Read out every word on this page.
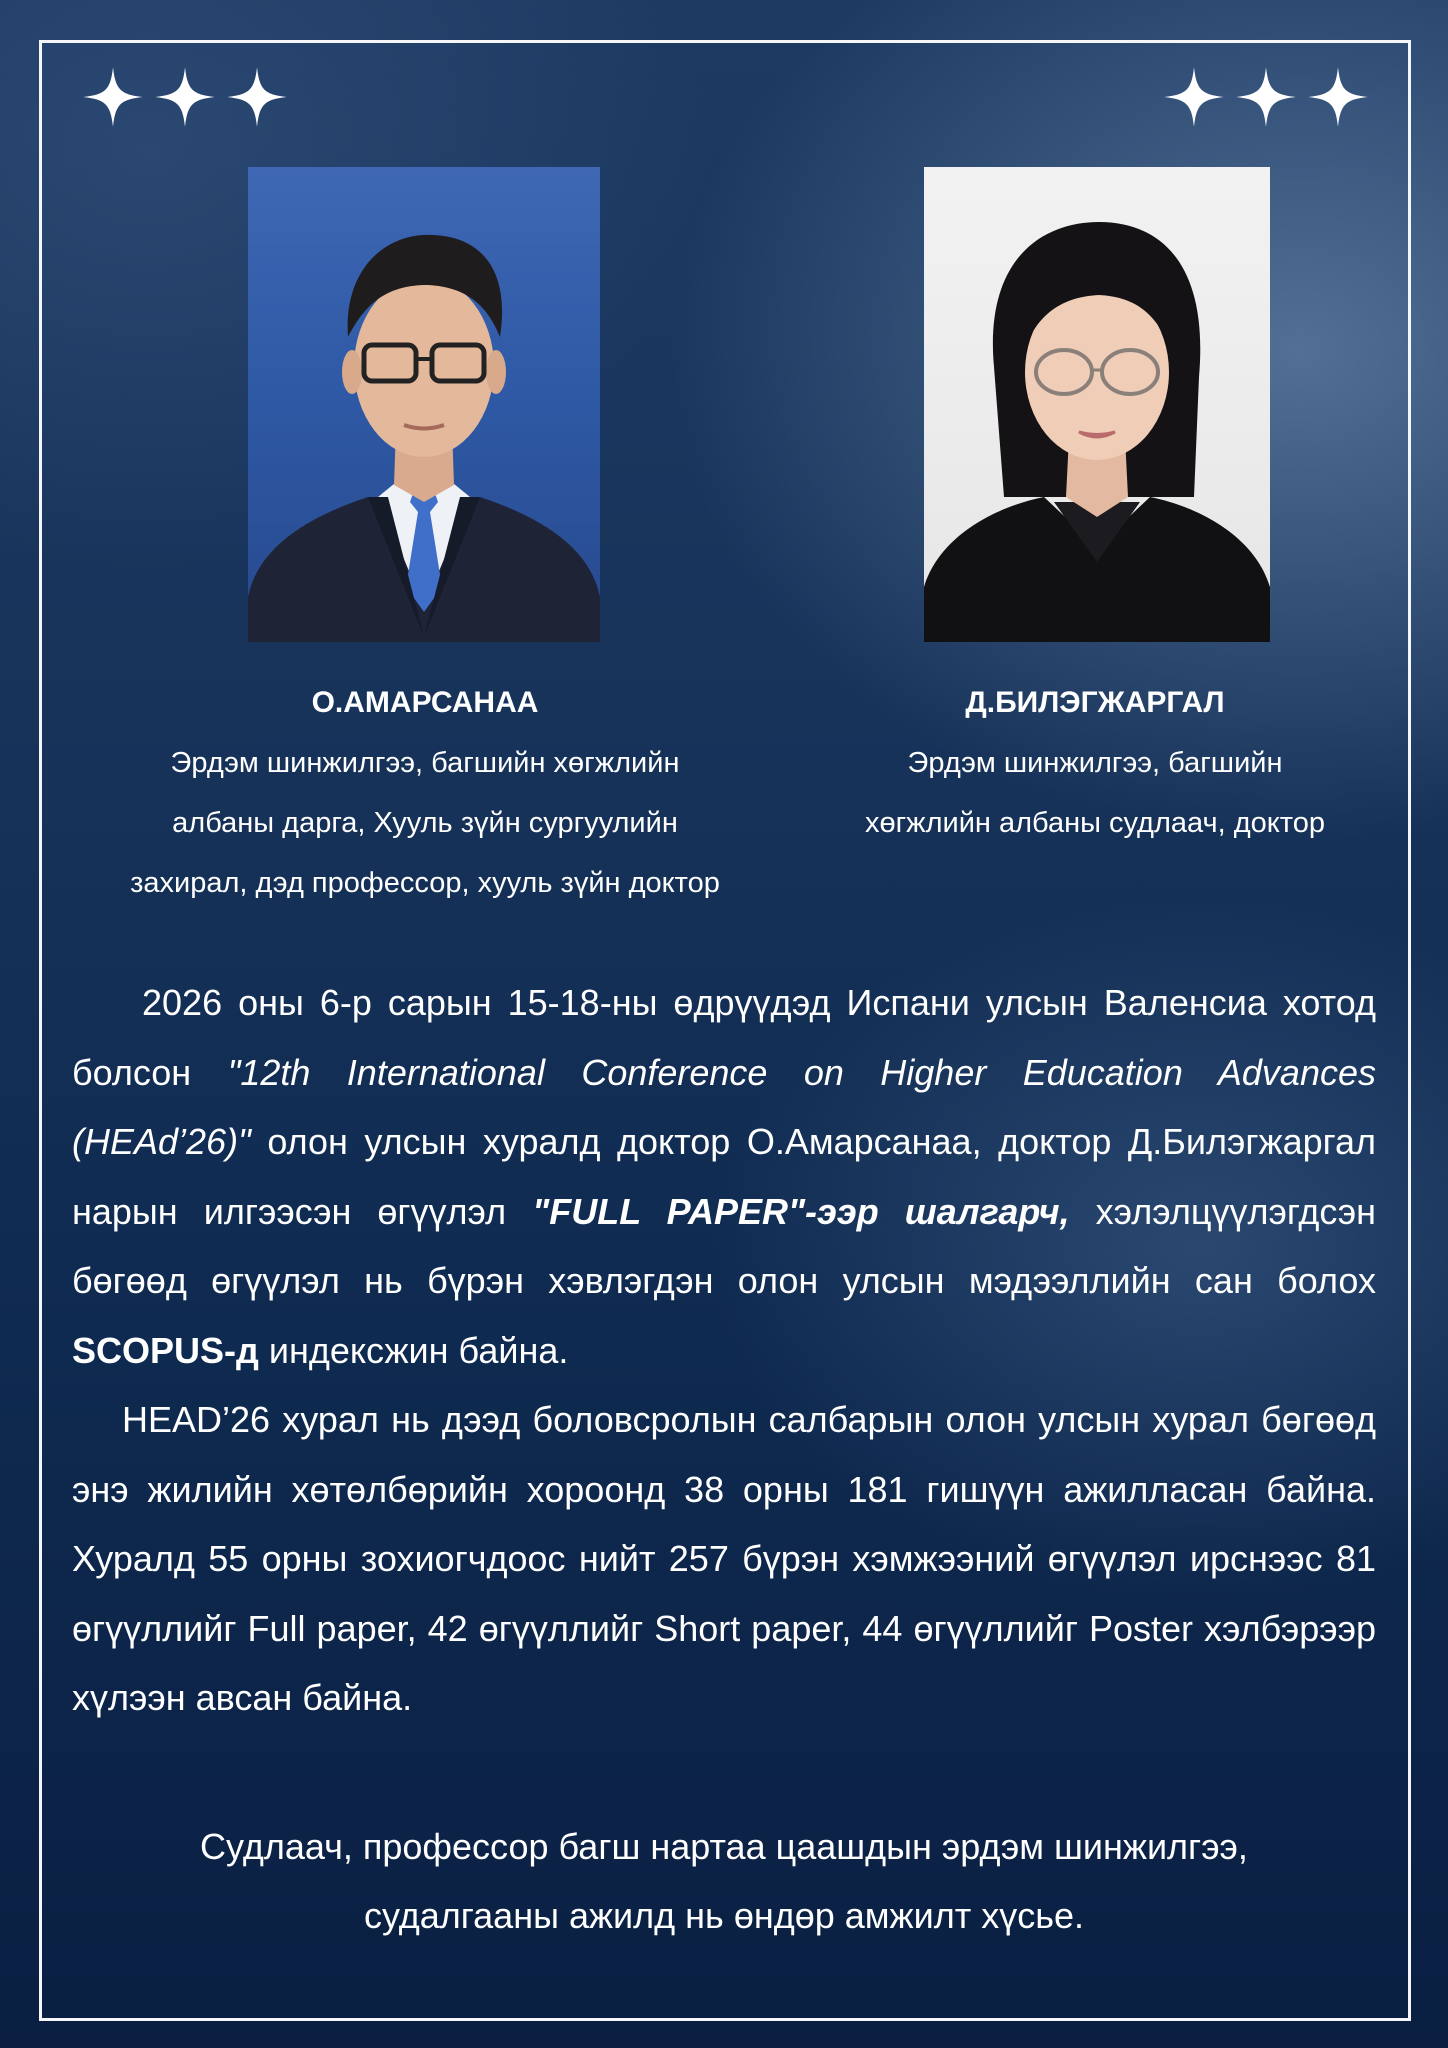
О.АМАРСАНАА
Эрдэм шинжилгээ, багшийн хөгжлийн
албаны дарга, Хууль зүйн сургуулийн
захирал, дэд профессор, хууль зүйн доктор
Д.БИЛЭГЖАРГАЛ
Эрдэм шинжилгээ, багшийн
хөгжлийн албаны судлаач, доктор

2026 оны 6-р сарын 15-18-ны өдрүүдэд Испани улсын Валенсиа хотод болсон "12th International Conference on Higher Education Advances (HEAd’26)" олон улсын хуралд доктор О.Амарсанаа, доктор Д.Билэгжаргал нарын илгээсэн өгүүлэл "FULL PAPER"-ээр шалгарч, хэлэлцүүлэгдсэн бөгөөд өгүүлэл нь бүрэн хэвлэгдэн олон улсын мэдээллийн сан болох SCOPUS-д индексжин байна.

HEAD’26 хурал нь дээд боловсролын салбарын олон улсын хурал бөгөөд энэ жилийн хөтөлбөрийн хороонд 38 орны 181 гишүүн ажилласан байна. Хуралд 55 орны зохиогчдоос нийт 257 бүрэн хэмжээний өгүүлэл ирснээс 81 өгүүллийг Full paper, 42 өгүүллийг Short paper, 44 өгүүллийг Poster хэлбэрээр хүлээн авсан байна.

Судлаач, профессор багш нартаа цаашдын эрдэм шинжилгээ,
судалгааны ажилд нь өндөр амжилт хүсье.
